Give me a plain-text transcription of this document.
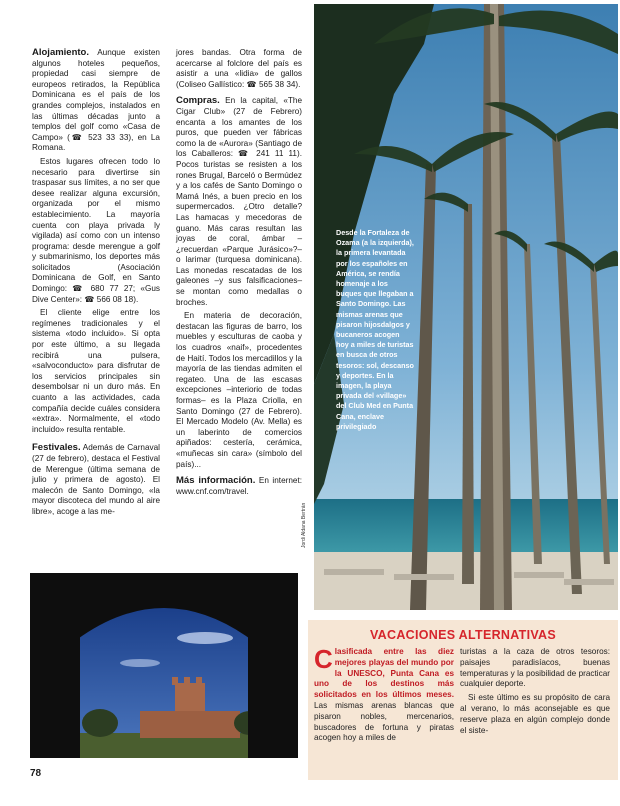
Alojamiento. Aunque existen algunos hoteles pequeños, propiedad casi siempre de europeos retirados, la República Dominicana es el país de los grandes complejos, instalados en las últimas décadas junto a templos del golf como «Casa de Campo» (☎ 523 33 33), en La Romana.

Estos lugares ofrecen todo lo necesario para divertirse sin traspasar sus límites, a no ser que desee realizar alguna excursión, organizada por el mismo establecimiento. La mayoría cuenta con playa privada ly vigilada) así como con un intenso programa: desde merengue a golf y submarinismo, los deportes más solicitados (Asociación Dominicana de Golf, en Santo Domingo: ☎ 680 77 27; «Gus Dive Center»: ☎ 566 08 18).

El cliente elige entre los regímenes tradicionales y el sistema «todo incluido». Si opta por este último, a su llegada recibirá una pulsera, «salvoconducto» para disfrutar de los servicios principales sin desembolsar ni un duro más. En cuanto a las actividades, cada compañía decide cuáles considera «extra». Normalmente, el «todo incluido» resulta rentable.

Festivales. Además de Carnaval (27 de febrero), destaca el Festival de Merengue (última semana de julio y primera de agosto). El malecón de Santo Domingo, «la mayor discoteca del mundo al aire libre», acoge a las me-

jores bandas. Otra forma de acercarse al folclore del país es asistir a una «lidia» de gallos (Coliseo Gallístico: ☎ 565 38 34).

Compras. En la capital, «The Cigar Club» (27 de Febrero) encanta a los amantes de los puros, que pueden ver fábricas como la de «Aurora» (Santiago de los Caballeros: ☎ 241 11 11). Pocos turistas se resisten a los rones Brugal, Barceló o Bermúdez y a los cafés de Santo Domingo o Mamá Inés, a buen precio en los supermercados. ¿Otro detalle? Las hamacas y mecedoras de guano. Más caras resultan las joyas de coral, ámbar –¿recuerdan «Parque Jurásico»?– o larimar (turquesa dominicana). Las monedas rescatadas de los galeones –y sus falsificaciones– se montan como medallas o broches.

En materia de decoración, destacan las figuras de barro, los muebles y esculturas de caoba y los cuadros «naif», procedentes de Haití. Todos los mercadillos y la mayoría de las tiendas admiten el regateo. Una de las escasas excepciones –interiorio de todas formas– es la Plaza Criolla, en Santo Domingo (27 de Febrero). El Mercado Modelo (Av. Mella) es un laberinto de comercios apiñados: cestería, cerámica, «muñecas sin cara» (símbolo del país)...

Más información. En internet: www.cnf.com/travel.

Desde la Fortaleza de Ozama (a la izquierda), la primera levantada por los españoles en América, se rendía homenaje a los buques que llegaban a Santo Domingo. Las mismas arenas que pisaron hijosdalgos y bucaneros acogen hoy a miles de turistas en busca de otros tesoros: sol, descanso y deportes. En la imagen, la playa privada del «village» del Club Med en Punta Cana, enclave privilegiado
Jordi Aldana Bertrán
VACACIONES ALTERNATIVAS

Clasificada entre las diez mejores playas del mundo por la UNESCO, Punta Cana es uno de los destinos más solicitados en los últimos meses. Las mismas arenas blancas que pisaron nobles, mercenarios, buscadores de fortuna y piratas acogen hoy a miles de

turistas a la caza de otros tesoros: paisajes paradisíacos, buenas temperaturas y la posibilidad de practicar cualquier deporte.

Si este último es su propósito de cara al verano, lo más aconsejable es que reserve plaza en algún complejo donde el siste-

78
